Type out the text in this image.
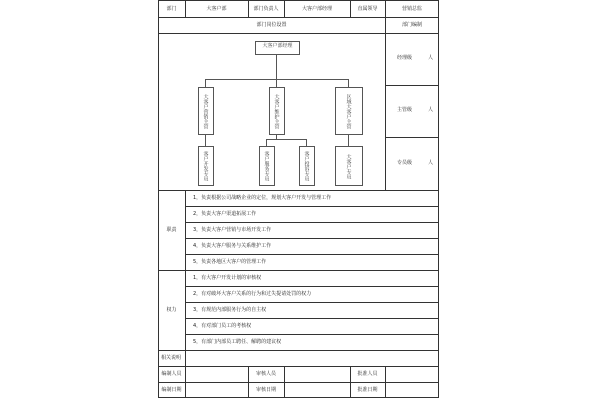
部门	大客户部	部门负责人	大客户部经理	直属领导	营销总监
部门岗位设置	部门编制
经理级	人
主管级	人
专员级	人
大客户部经理
大客户营销主管	大客户维护主管	区域大客户主管
客户开发专员	客户服务专员	客户投诉专员	大客户专员
职责
1，负责根据公司战略企业的定位，规划大客户开发与管理工作
2，负责大客户渠道拓展工作
3，负责大客户营销与市场开发工作
4，负责大客户服务与关系维护工作
5，负责各地区大客户的管理工作
权力
1，有大客户开发计划的审核权
2，有对破坏大客户关系的行为和过失提请处罚的权力
3，有规范内部服务行为的自主权
4，有对部门员工的考核权
5，有部门内部员工聘任、解聘的建议权
相关说明
编制人员	审核人员	批准人员
编制日期	审核日期	批准日期
